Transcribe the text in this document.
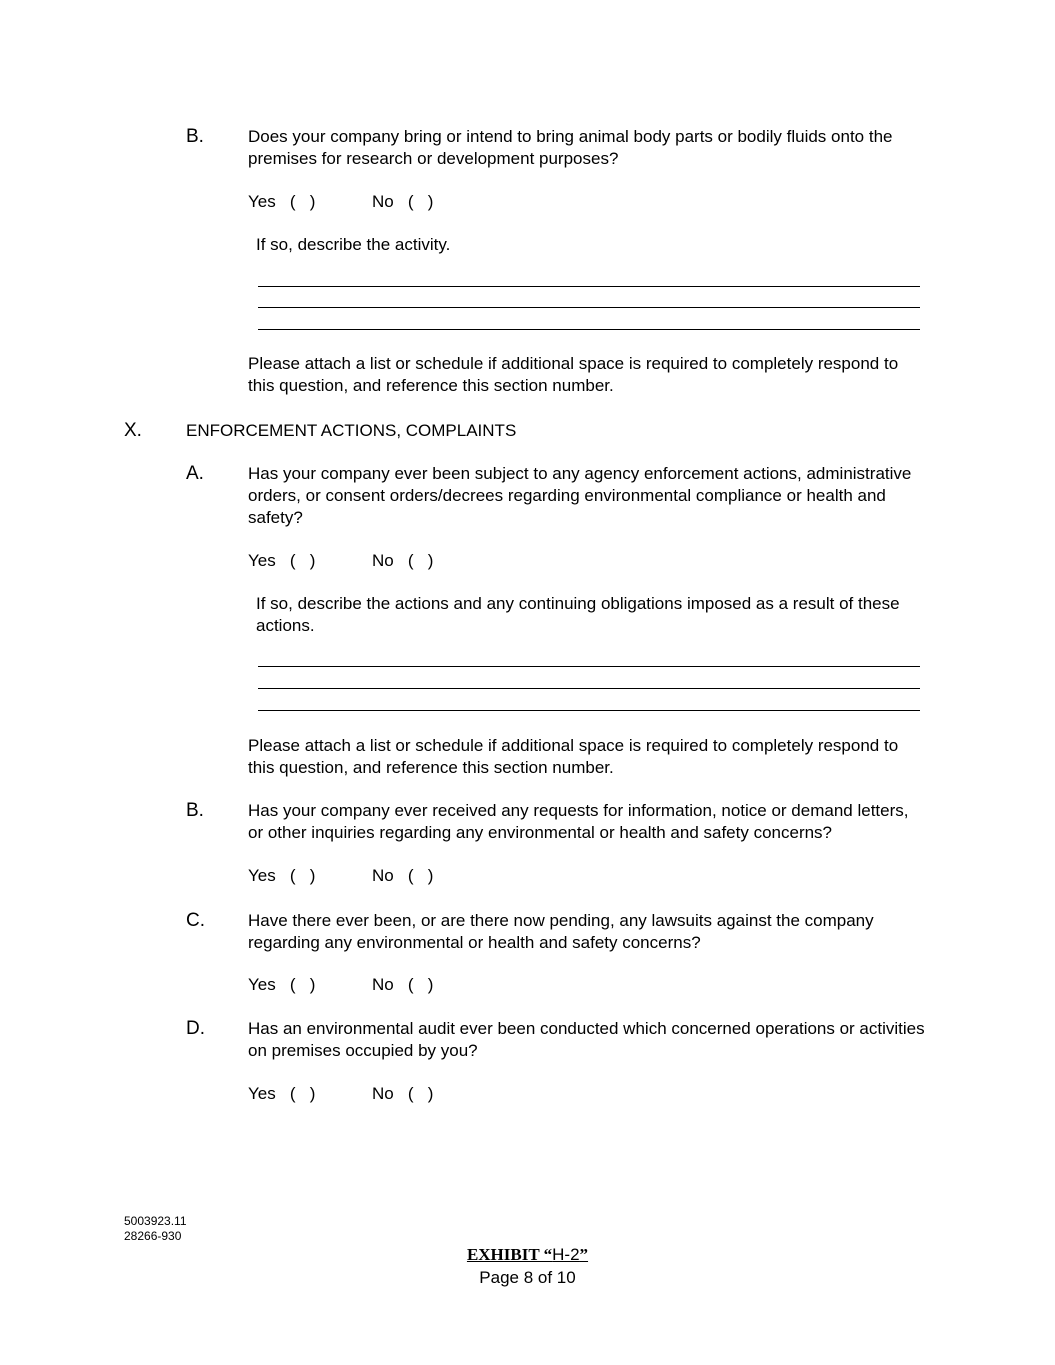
B.	Does your company bring or intend to bring animal body parts or bodily fluids onto the premises for research or development purposes?
Yes   (   )	No   (   )
If so, describe the activity.
Please attach a list or schedule if additional space is required to completely respond to this question, and reference this section number.
X.	ENFORCEMENT ACTIONS, COMPLAINTS
A.	Has your company ever been subject to any agency enforcement actions, administrative orders, or consent orders/decrees regarding environmental compliance or health and safety?
Yes   (   )	No   (   )
If so, describe the actions and any continuing obligations imposed as a result of these actions.
Please attach a list or schedule if additional space is required to completely respond to this question, and reference this section number.
B.	Has your company ever received any requests for information, notice or demand letters, or other inquiries regarding any environmental or health and safety concerns?
Yes   (   )	No   (   )
C.	Have there ever been, or are there now pending, any lawsuits against the company regarding any environmental or health and safety concerns?
Yes   (   )	No   (   )
D.	Has an environmental audit ever been conducted which concerned operations or activities on premises occupied by you?
Yes   (   )	No   (   )
5003923.11
28266-930
EXHIBIT “H-2”
Page 8 of 10
